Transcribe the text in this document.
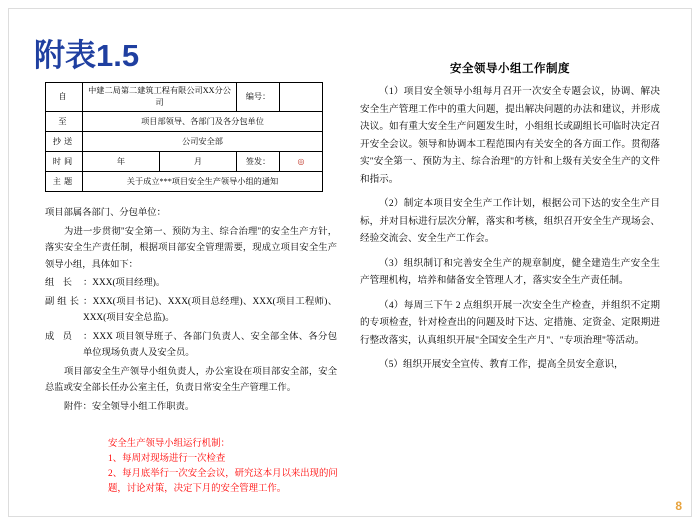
附表1.5
自	中建二局第二建筑工程有限公司XX分公司		编号：	
至	项目部领导、各部门及各分包单位			
抄送	公司安全部			
时间	年	月	签发：	◎
主题	关于成立***项目安全生产领导小组的通知			

项目部属各部门、分包单位：

为进一步贯彻"安全第一、预防为主、综合治理"的安全生产方针，落实安全生产责任制，根据项目部安全管理需要，现成立项目安全生产领导小组，具体如下：

组 长 ：XXX(项目经理)。

副组长 ：XXX(项目书记)、XXX(项目总经理)、XXX(项目工程师)、XXX(项目安全总监)。

成 员 ：XXX 项目领导班子、各部门负责人、安全部全体、各分包单位现场负责人及安全员。

项目部安全生产领导小组负责人，办公室设在项目部安全部，安全总监或安全部长任办公室主任，负责日常安全生产管理工作。

附件：安全领导小组工作职责。

安全生产领导小组运行机制：
1、每周对现场进行一次检查
2、每月底举行一次安全会议，研究这本月以来出现的问题，讨论对策，决定下月的安全管理工作。
安全领导小组工作制度

（1）项目安全领导小组每月召开一次安全专题会议，协调、解决安全生产管理工作中的重大问题，提出解决问题的办法和建议，并形成决议。如有重大安全生产问题发生时，小组组长或副组长可临时决定召开安全会议。领导和协调本工程范围内有关安全的各方面工作。贯彻落实"安全第一、预防为主、综合治理"的方针和上级有关安全生产的文件和指示。

（2）制定本项目安全生产工作计划，根据公司下达的安全生产目标，并对目标进行层次分解，落实和考核，组织召开安全生产现场会、经验交流会、安全生产工作会。

（3）组织制订和完善安全生产的规章制度，健全建造生产安全生产管理机构，培养和储备安全管理人才，落实安全生产责任制。

（4）每周三下午 2 点组织开展一次安全生产检查，并组织不定期的专项检查，针对检查出的问题及时下达、定措施、定资金、定限期进行整改落实，认真组织开展"全国安全生产月"、"专项治理"等活动。

（5）组织开展安全宣传、教育工作，提高全员安全意识，

8
